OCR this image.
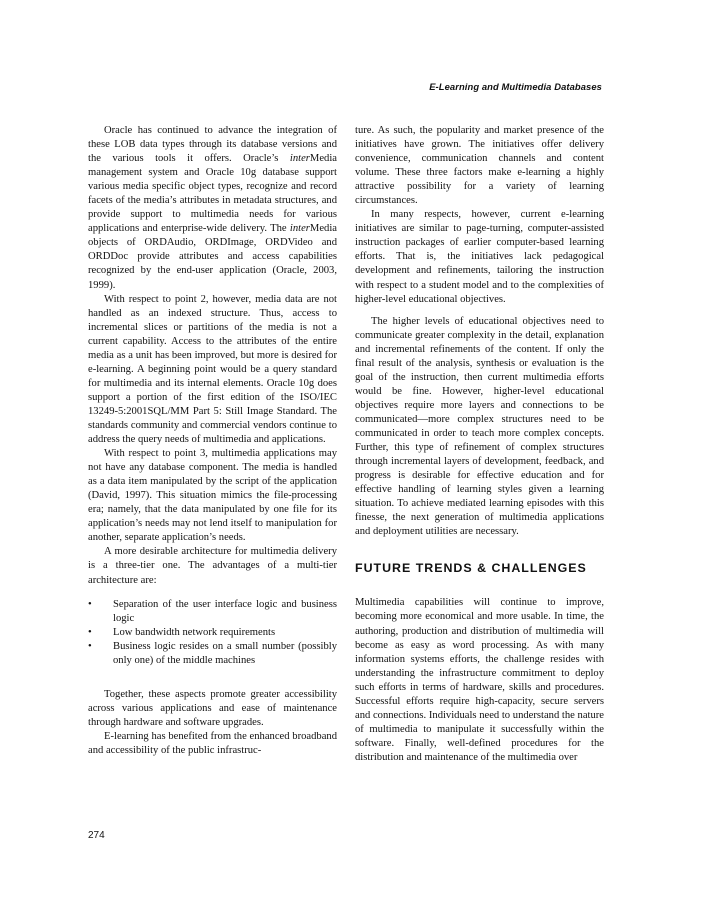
E-Learning and Multimedia Databases

Oracle has continued to advance the integration of these LOB data types through its database versions and the various tools it offers. Oracle’s interMedia management system and Oracle 10g database support various media specific object types, recognize and record facets of the media’s attributes in metadata structures, and provide support to multimedia needs for various applications and enterprise-wide delivery. The interMedia objects of ORDAudio, ORDImage, ORDVideo and ORDDoc provide attributes and access capabilities recognized by the end-user application (Oracle, 2003, 1999).

With respect to point 2, however, media data are not handled as an indexed structure. Thus, access to incremental slices or partitions of the media is not a current capability. Access to the attributes of the entire media as a unit has been improved, but more is desired for e-learning. A beginning point would be a query standard for multimedia and its internal elements. Oracle 10g does support a portion of the first edition of the ISO/IEC 13249-5:2001SQL/MM Part 5: Still Image Standard. The standards community and commercial vendors continue to address the query needs of multimedia and applications.

With respect to point 3, multimedia applications may not have any database component. The media is handled as a data item manipulated by the script of the application (David, 1997). This situation mimics the file-processing era; namely, that the data manipulated by one file for its application’s needs may not lend itself to manipulation for another, separate application’s needs.

A more desirable architecture for multimedia delivery is a three-tier one. The advantages of a multi-tier architecture are:

• Separation of the user interface logic and business logic
• Low bandwidth network requirements
• Business logic resides on a small number (possibly only one) of the middle machines

Together, these aspects promote greater accessibility across various applications and ease of maintenance through hardware and software upgrades.

E-learning has benefited from the enhanced broadband and accessibility of the public infrastruc-

ture. As such, the popularity and market presence of the initiatives have grown. The initiatives offer delivery convenience, communication channels and content volume. These three factors make e-learning a highly attractive possibility for a variety of learning circumstances.

In many respects, however, current e-learning initiatives are similar to page-turning, computer-assisted instruction packages of earlier computer-based learning efforts. That is, the initiatives lack pedagogical development and refinements, tailoring the instruction with respect to a student model and to the complexities of higher-level educational objectives.

The higher levels of educational objectives need to communicate greater complexity in the detail, explanation and incremental refinements of the content. If only the final result of the analysis, synthesis or evaluation is the goal of the instruction, then current multimedia efforts would be fine. However, higher-level educational objectives require more layers and connections to be communicated—more complex structures need to be communicated in order to teach more complex concepts. Further, this type of refinement of complex structures through incremental layers of development, feedback, and progress is desirable for effective education and for effective handling of learning styles given a learning situation. To achieve mediated learning episodes with this finesse, the next generation of multimedia applications and deployment utilities are necessary.

FUTURE TRENDS & CHALLENGES

Multimedia capabilities will continue to improve, becoming more economical and more usable. In time, the authoring, production and distribution of multimedia will become as easy as word processing. As with many information systems efforts, the challenge resides with understanding the infrastructure commitment to deploy such efforts in terms of hardware, skills and procedures. Successful efforts require high-capacity, secure servers and connections. Individuals need to understand the nature of multimedia to manipulate it successfully within the software. Finally, well-defined procedures for the distribution and maintenance of the multimedia over

274
